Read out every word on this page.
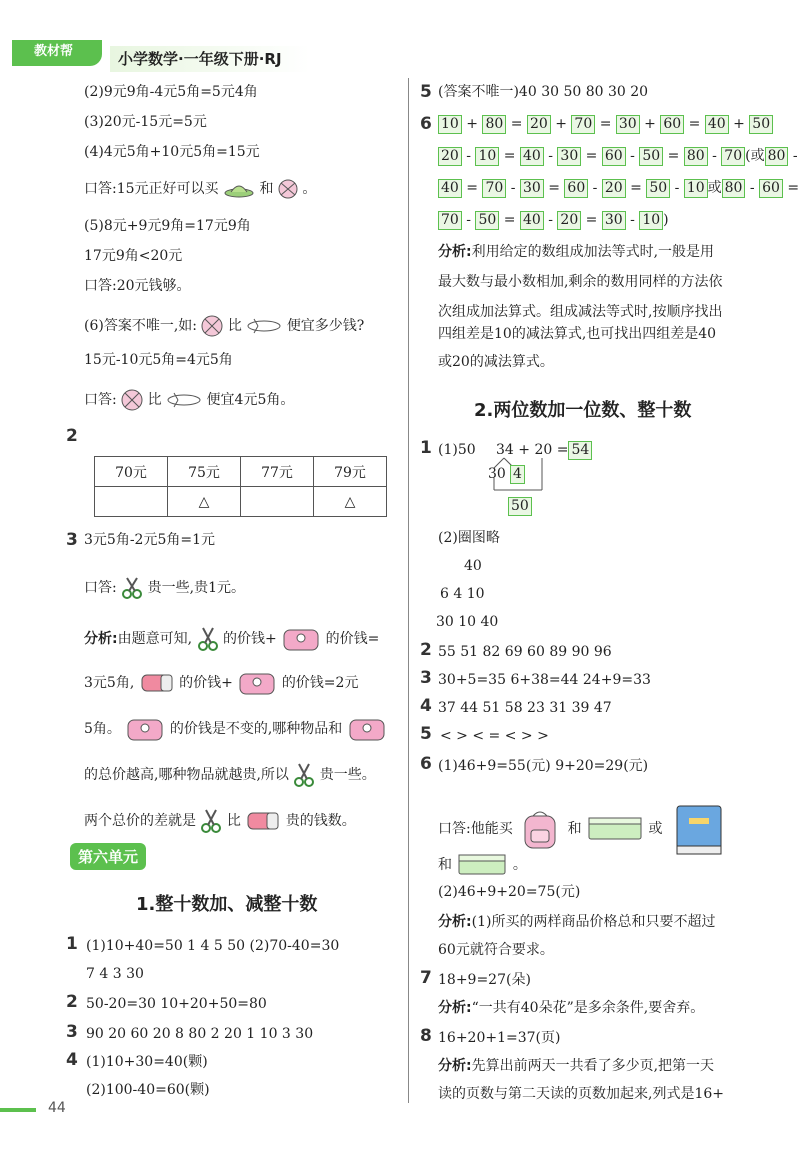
教材帮	小学数学·一年级下册·RJ
(2)9元9角-4元5角=5元4角
(3)20元-15元=5元
(4)4元5角+10元5角=15元
口答:15元正好可以买	和 。
(5)8元+9元9角=17元9角
17元9角<20元
口答:20元钱够。
(6)答案不唯一,如: 比	便宜多少钱?
15元-10元5角=4元5角
口答: 比	便宜4元5角。
2
70元	75元	77元	79元
	△		△
3 3元5角-2元5角=1元
口答: 贵一些,贵1元。
分析:由题意可知, 的价钱+	的价钱=
3元5角,	的价钱+	的价钱=2元
5角。	的价钱是不变的,哪种物品和
的总价越高,哪种物品就越贵,所以 贵一些。
两个总价的差就是 比	贵的钱数。
第六单元
1.整十数加、减整十数
1 (1)10+40=50 1 4 5 50 (2)70-40=30
7 4 3 30
2 50-20=30 10+20+50=80
3 90 20 60 20 8 80 2 20 1 10 3 30
4 (1)10+30=40(颗)
(2)100-40=60(颗)
5 (答案不唯一)40 30 50 80 30 20
6 10 + 80 = 20 + 70 = 30 + 60 = 40 + 50
20 - 10 = 40 - 30 = 60 - 50 = 80 - 70 (或 80 -
40 = 70 - 30 = 60 - 20 = 50 - 10 或 80 - 60 =
70 - 50 = 40 - 20 = 30 - 10 )
分析:利用给定的数组成加法等式时,一般是用
最大数与最小数相加,剩余的数用同样的方法依
次组成加法算式。组成减法等式时,按顺序找出
四组差是10的减法算式,也可找出四组差是40
或20的减法算式。
2.两位数加一位数、整十数
1 (1)50 34 + 20 = 54
30 4
50
(2)圈图略
40
6 4 10
30 10 40
2 55 51 82 69 60 89 90 96
3 30+5=35 6+38=44 24+9=33
4 37 44 51 58 23 31 39 47
5 < > < = < > >
6 (1)46+9=55(元) 9+20=29(元)
口答:他能买	和	或
和	。
(2)46+9+20=75(元)
分析:(1)所买的两样商品价格总和只要不超过
60元就符合要求。
7 18+9=27(朵)
分析:“一共有40朵花”是多余条件,要舍弃。
8 16+20+1=37(页)
分析:先算出前两天一共看了多少页,把第一天
读的页数与第二天读的页数加起来,列式是16+
44
